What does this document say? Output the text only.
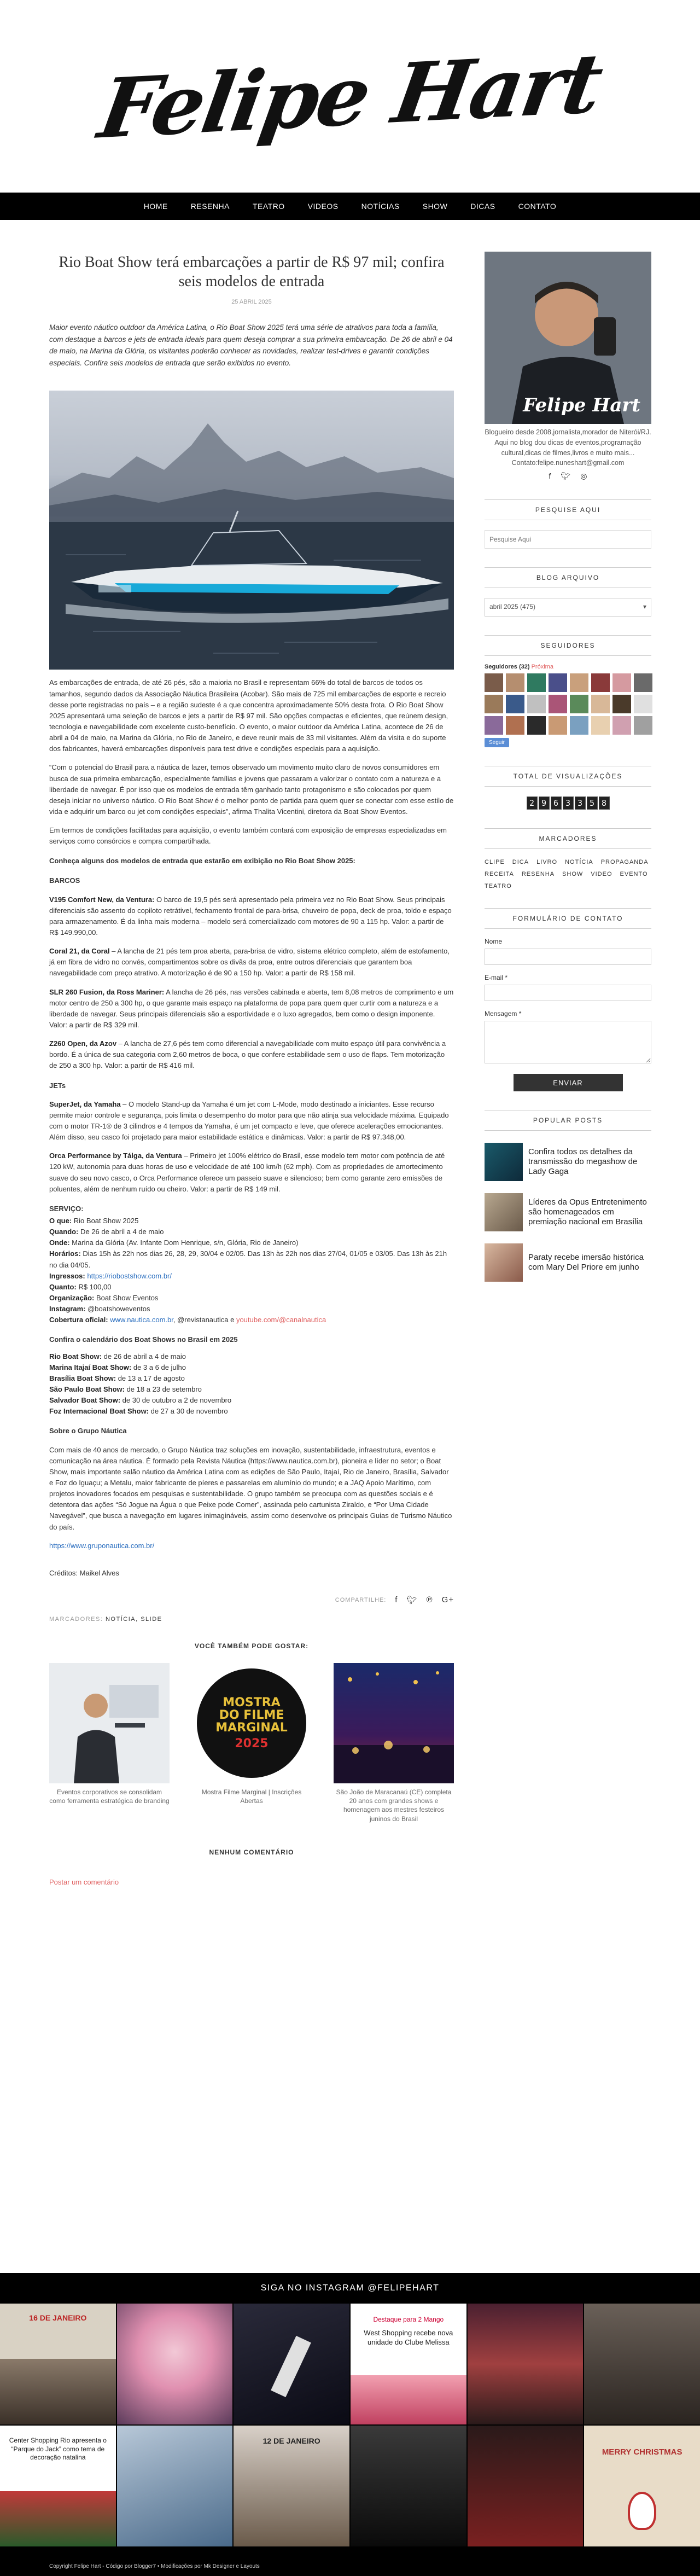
Felipe Hart
HOME	RESENHA	TEATRO	VIDEOS	NOTÍCIAS	SHOW	DICAS	CONTATO
Rio Boat Show terá embarcações a partir de R$ 97 mil; confira seis modelos de entrada
25 ABRIL 2025

Maior evento náutico outdoor da América Latina, o Rio Boat Show 2025 terá uma série de atrativos para toda a família, com destaque a barcos e jets de entrada ideais para quem deseja comprar a sua primeira embarcação. De 26 de abril e 04 de maio, na Marina da Glória, os visitantes poderão conhecer as novidades, realizar test-drives e garantir condições especiais. Confira seis modelos de entrada que serão exibidos no evento.

As embarcações de entrada, de até 26 pés, são a maioria no Brasil e representam 66% do total de barcos de todos os tamanhos, segundo dados da Associação Náutica Brasileira (Acobar). São mais de 725 mil embarcações de esporte e recreio desse porte registradas no país – e a região sudeste é a que concentra aproximadamente 50% desta frota. O Rio Boat Show 2025 apresentará uma seleção de barcos e jets a partir de R$ 97 mil. São opções compactas e eficientes, que reúnem design, tecnologia e navegabilidade com excelente custo-benefício. O evento, o maior outdoor da América Latina, acontece de 26 de abril a 04 de maio, na Marina da Glória, no Rio de Janeiro, e deve reunir mais de 33 mil visitantes. Além da visita e do suporte dos fabricantes, haverá embarcações disponíveis para test drive e condições especiais para a aquisição.

“Com o potencial do Brasil para a náutica de lazer, temos observado um movimento muito claro de novos consumidores em busca de sua primeira embarcação, especialmente famílias e jovens que passaram a valorizar o contato com a natureza e a liberdade de navegar. É por isso que os modelos de entrada têm ganhado tanto protagonismo e são colocados por quem deseja iniciar no universo náutico. O Rio Boat Show é o melhor ponto de partida para quem quer se conectar com esse estilo de vida e adquirir um barco ou jet com condições especiais”, afirma Thalita Vicentini, diretora da Boat Show Eventos.

Em termos de condições facilitadas para aquisição, o evento também contará com exposição de empresas especializadas em serviços como consórcios e compra compartilhada.

Conheça alguns dos modelos de entrada que estarão em exibição no Rio Boat Show 2025:

BARCOS

V195 Comfort New, da Ventura: O barco de 19,5 pés será apresentado pela primeira vez no Rio Boat Show. Seus principais diferenciais são assento do copiloto retrátivel, fechamento frontal de para-brisa, chuveiro de popa, deck de proa, toldo e espaço para armazenamento. É da linha mais moderna – modelo será comercializado com motores de 90 a 115 hp. Valor: a partir de R$ 149.990,00.

Coral 21, da Coral – A lancha de 21 pés tem proa aberta, para-brisa de vidro, sistema elétrico completo, além de estofamento, já em fibra de vidro no convés, compartimentos sobre os divãs da proa, entre outros diferenciais que garantem boa navegabilidade com preço atrativo. A motorização é de 90 a 150 hp. Valor: a partir de R$ 158 mil.

SLR 260 Fusion, da Ross Mariner: A lancha de 26 pés, nas versões cabinada e aberta, tem 8,08 metros de comprimento e um motor centro de 250 a 300 hp, o que garante mais espaço na plataforma de popa para quem quer curtir com a natureza e a liberdade de navegar. Seus principais diferenciais são a esportividade e o luxo agregados, bem como o design imponente. Valor: a partir de R$ 329 mil.

Z260 Open, da Azov – A lancha de 27,6 pés tem como diferencial a navegabilidade com muito espaço útil para convivência a bordo. É a única de sua categoria com 2,60 metros de boca, o que confere estabilidade sem o uso de flaps. Tem motorização de 250 a 300 hp. Valor: a partir de R$ 416 mil.

JETs

SuperJet, da Yamaha – O modelo Stand-up da Yamaha é um jet com L-Mode, modo destinado a iniciantes. Esse recurso permite maior controle e segurança, pois limita o desempenho do motor para que não atinja sua velocidade máxima. Equipado com o motor TR-1® de 3 cilindros e 4 tempos da Yamaha, é um jet compacto e leve, que oferece acelerações emocionantes. Além disso, seu casco foi projetado para maior estabilidade estática e dinâmicas. Valor: a partir de R$ 97.348,00.

Orca Performance by Tálga, da Ventura – Primeiro jet 100% elétrico do Brasil, esse modelo tem motor com potência de até 120 kW, autonomia para duas horas de uso e velocidade de até 100 km/h (62 mph). Com as propriedades de amortecimento suave do seu novo casco, o Orca Performance oferece um passeio suave e silencioso; bem como garante zero emissões de poluentes, além de nenhum ruído ou cheiro. Valor: a partir de R$ 149 mil.

SERVIÇO:

O que: Rio Boat Show 2025
Quando: De 26 de abril a 4 de maio
Onde: Marina da Glória (Av. Infante Dom Henrique, s/n, Glória, Rio de Janeiro)
Horários: Dias 15h às 22h nos dias 26, 28, 29, 30/04 e 02/05. Das 13h às 22h nos dias 27/04, 01/05 e 03/05. Das 13h às 21h no dia 04/05.
Ingressos: https://riobostshow.com.br/
Quanto: R$ 100,00
Organização: Boat Show Eventos
Instagram: @boatshoweventos
Cobertura oficial: www.nautica.com.br, @revistanautica e youtube.com/@canalnautica

Confira o calendário dos Boat Shows no Brasil em 2025

Rio Boat Show: de 26 de abril a 4 de maio
Marina Itajaí Boat Show: de 3 a 6 de julho
Brasília Boat Show: de 13 a 17 de agosto
São Paulo Boat Show: de 18 a 23 de setembro
Salvador Boat Show: de 30 de outubro a 2 de novembro
Foz Internacional Boat Show: de 27 a 30 de novembro

Sobre o Grupo Náutica

Com mais de 40 anos de mercado, o Grupo Náutica traz soluções em inovação, sustentabilidade, infraestrutura, eventos e comunicação na área náutica. É formado pela Revista Náutica (https://www.nautica.com.br), pioneira e líder no setor; o Boat Show, mais importante salão náutico da América Latina com as edições de São Paulo, Itajaí, Rio de Janeiro, Brasília, Salvador e Foz do Iguaçu; a Metalu, maior fabricante de píeres e passarelas em alumínio do mundo; e a JAQ Apoio Marítimo, com projetos inovadores focados em pesquisas e sustentabilidade. O grupo também se preocupa com as questões sociais e é detentora das ações “Só Jogue na Água o que Peixe pode Comer”, assinada pelo cartunista Ziraldo, e “Por Uma Cidade Navegável”, que busca a navegação em lugares inimagináveis, assim como desenvolve os principais Guias de Turismo Náutico do país.

https://www.gruponautica.com.br/

Créditos: Maikel Alves

COMPARTILHE: f 🐦︎ ℗ G+
MARCADORES: NOTÍCIA, SLIDE
VOCÊ TAMBÉM PODE GOSTAR:
Eventos corporativos se consolidam como ferramenta estratégica de branding
MOSTRA DO FILME MARGINAL
2025
Mostra Filme Marginal | Inscrições Abertas
São João de Maracanaú (CE) completa 20 anos com grandes shows e homenagem aos mestres festeiros juninos do Brasil
NENHUM COMENTÁRIO
Postar um comentário
Felipe Hart

Blogueiro desde 2008,jornalista,morador de Niterói/RJ. Aqui no blog dou dicas de eventos,programação cultural,dicas de filmes,livros e muito mais... Contato:felipe.nuneshart@gmail.com

f 🐦︎ ◎
PESQUISE AQUI
Pesquise Aqui
BLOG ARQUIVO
abril 2025 (475)	▾
SEGUIDORES
Seguidores (32) Próxima
Seguir
TOTAL DE VISUALIZAÇÕES
2 9 6 3 3 5 8
MARCADORES
CLIPE DICA LIVRO NOTÍCIA PROPAGANDA
RECEITA RESENHA SHOW VIDEO EVENTO
TEATRO
FORMULÁRIO DE CONTATO
Nome
E-mail *
Mensagem *
ENVIAR
POPULAR POSTS
Confira todos os detalhes da transmissão do megashow de Lady Gaga
Líderes da Opus Entretenimento são homenageados em premiação nacional em Brasília
Paraty recebe imersão histórica com Mary Del Priore em junho
SIGA NO INSTAGRAM @FELIPEHART
16 DE JANEIRO	Destaque para 2 Mango
West Shopping recebe nova unidade do Clube Melissa
Center Shopping Rio apresenta o “Parque do Jack” como tema de decoração natalina
12 DE JANEIRO
MERRY CHRISTMAS
Copyright Felipe Hart - Código por Blogger7 • Modificações por Mk Designer e Layouts
